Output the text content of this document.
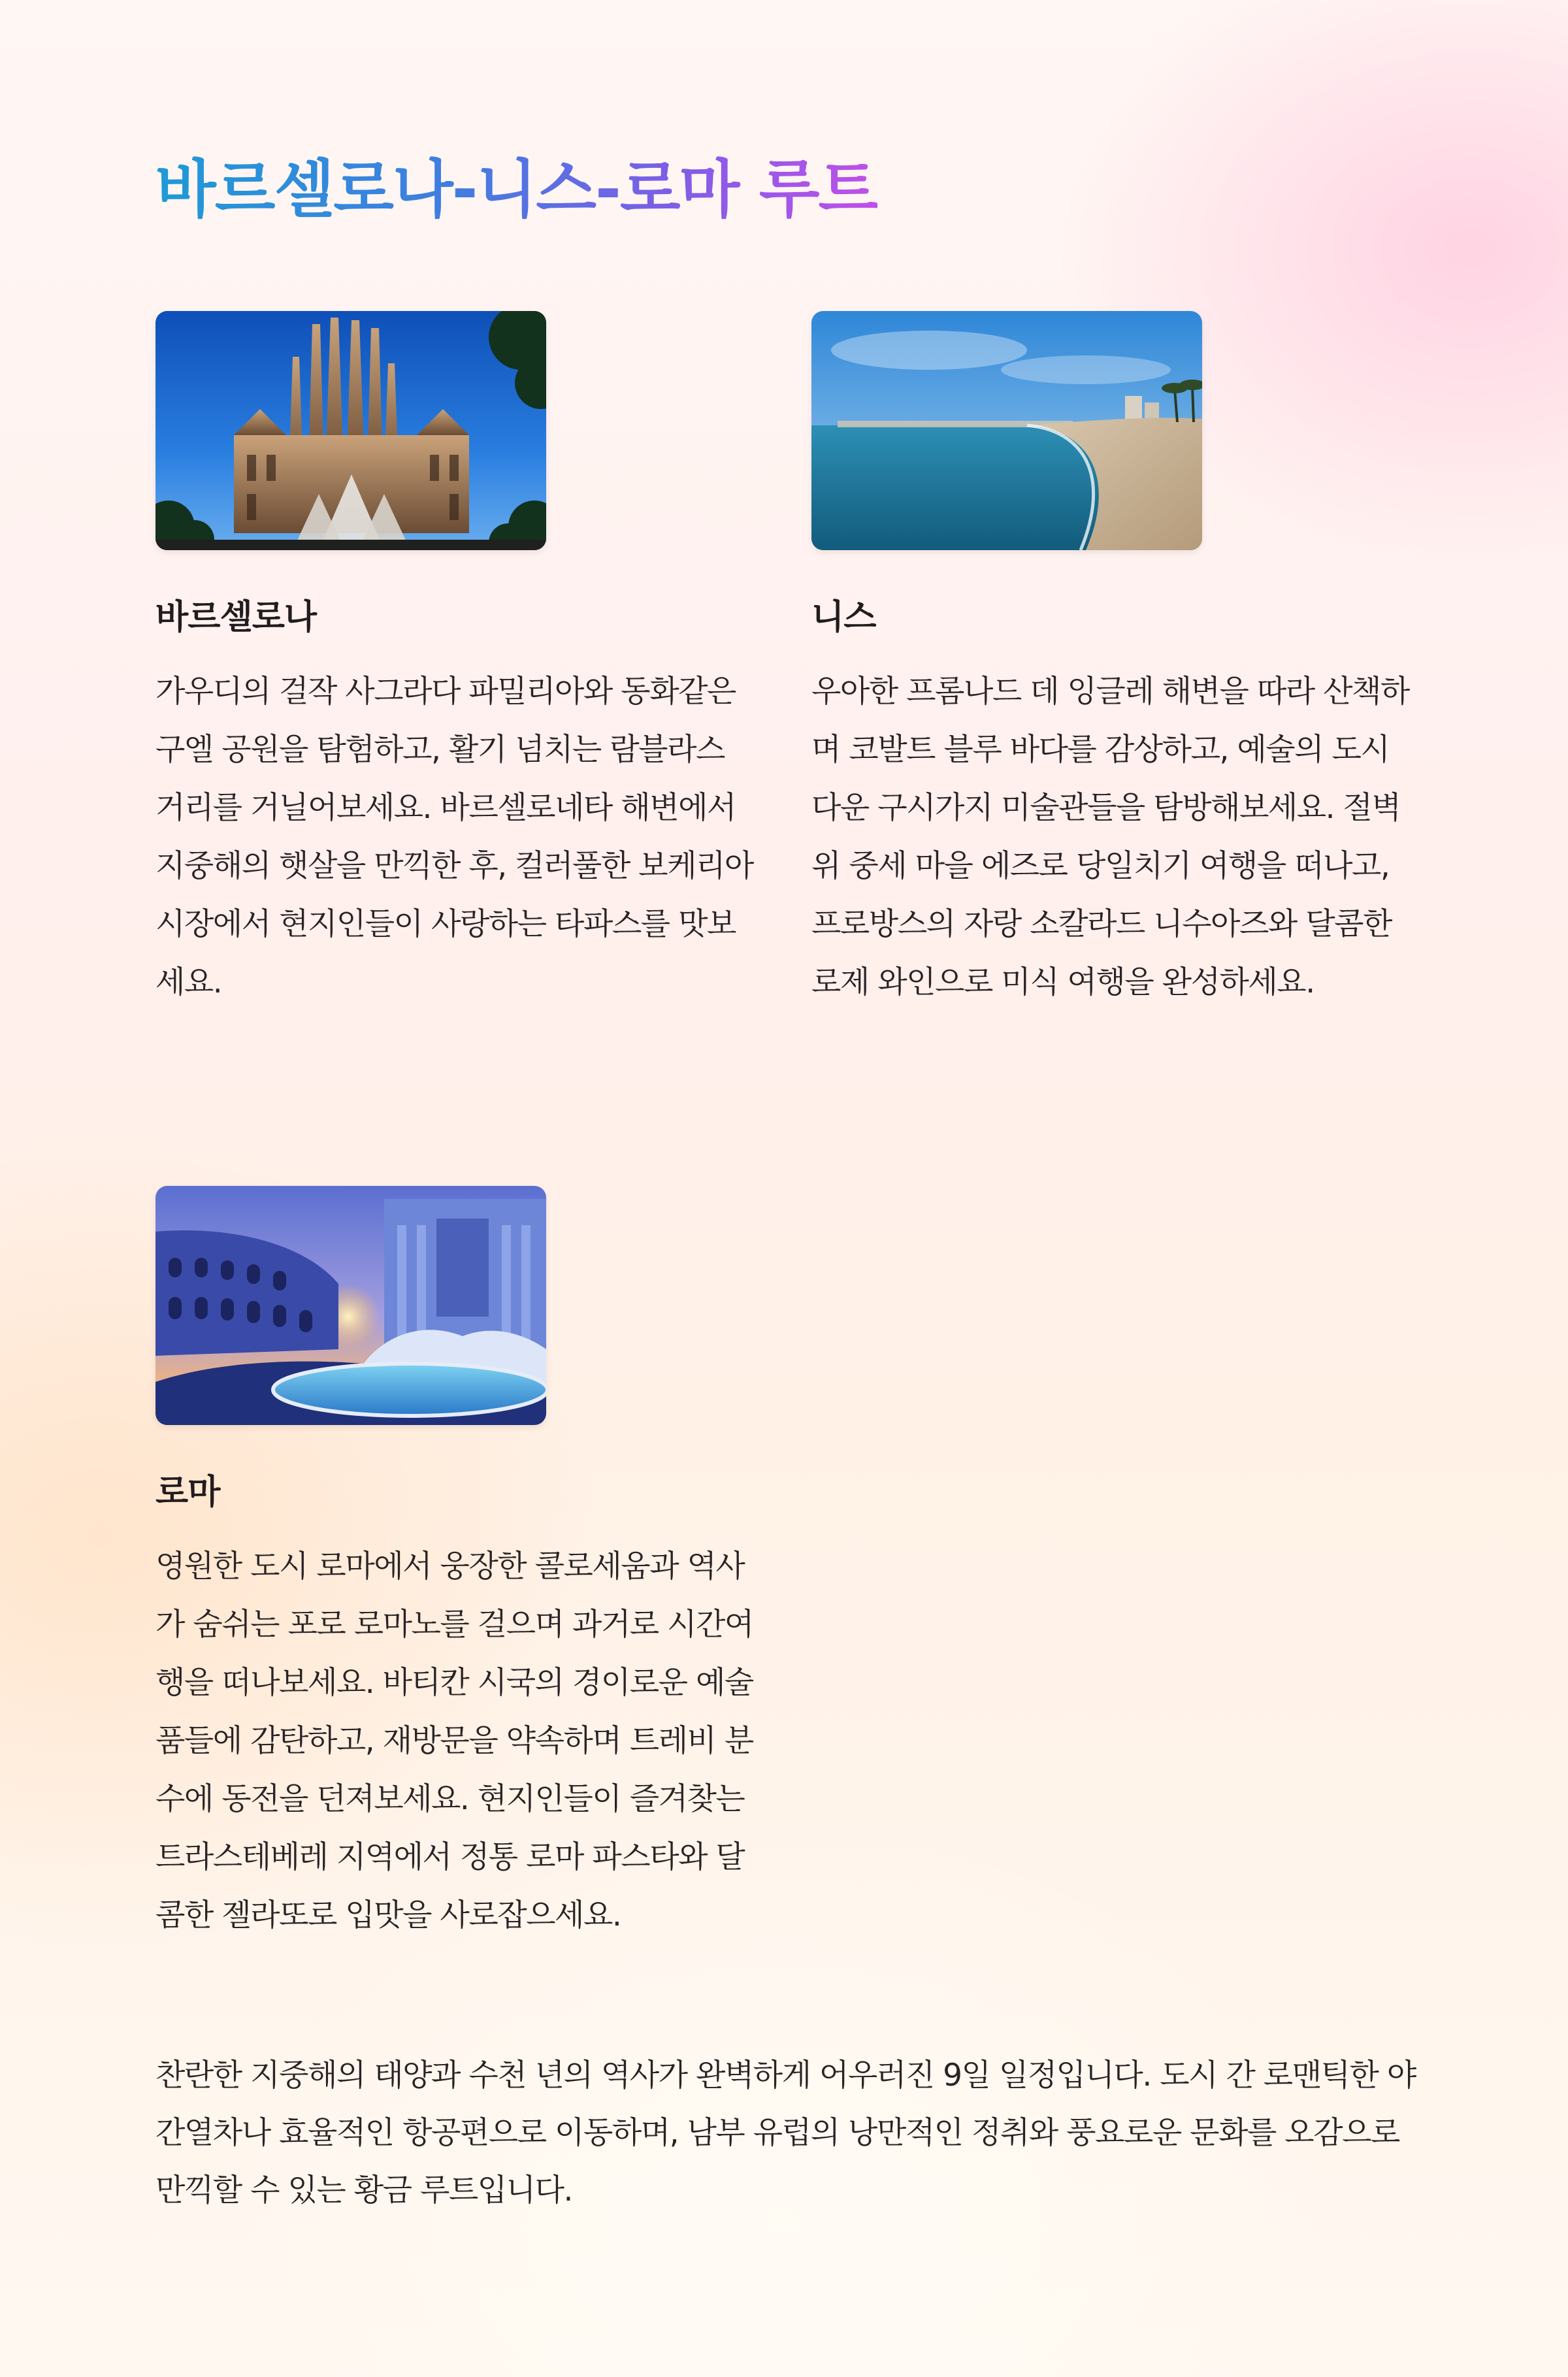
바르셀로나-니스-로마 루트
바르셀로나
가우디의 걸작 사그라다 파밀리아와 동화같은 구엘 공원을 탐험하고, 활기 넘치는 람블라스 거리를 거닐어보세요. 바르셀로네타 해변에서 지중해의 햇살을 만끽한 후, 컬러풀한 보케리아 시장에서 현지인들이 사랑하는 타파스를 맛보세요.
니스
우아한 프롬나드 데 잉글레 해변을 따라 산책하며 코발트 블루 바다를 감상하고, 예술의 도시다운 구시가지 미술관들을 탐방해보세요. 절벽 위 중세 마을 에즈로 당일치기 여행을 떠나고, 프로방스의 자랑 소칼라드 니수아즈와 달콤한 로제 와인으로 미식 여행을 완성하세요.
로마
영원한 도시 로마에서 웅장한 콜로세움과 역사가 숨쉬는 포로 로마노를 걸으며 과거로 시간여행을 떠나보세요. 바티칸 시국의 경이로운 예술품들에 감탄하고, 재방문을 약속하며 트레비 분수에 동전을 던져보세요. 현지인들이 즐겨찾는 트라스테베레 지역에서 정통 로마 파스타와 달콤한 젤라또로 입맛을 사로잡으세요.

찬란한 지중해의 태양과 수천 년의 역사가 완벽하게 어우러진 9일 일정입니다. 도시 간 로맨틱한 야간열차나 효율적인 항공편으로 이동하며, 남부 유럽의 낭만적인 정취와 풍요로운 문화를 오감으로 만끽할 수 있는 황금 루트입니다.
